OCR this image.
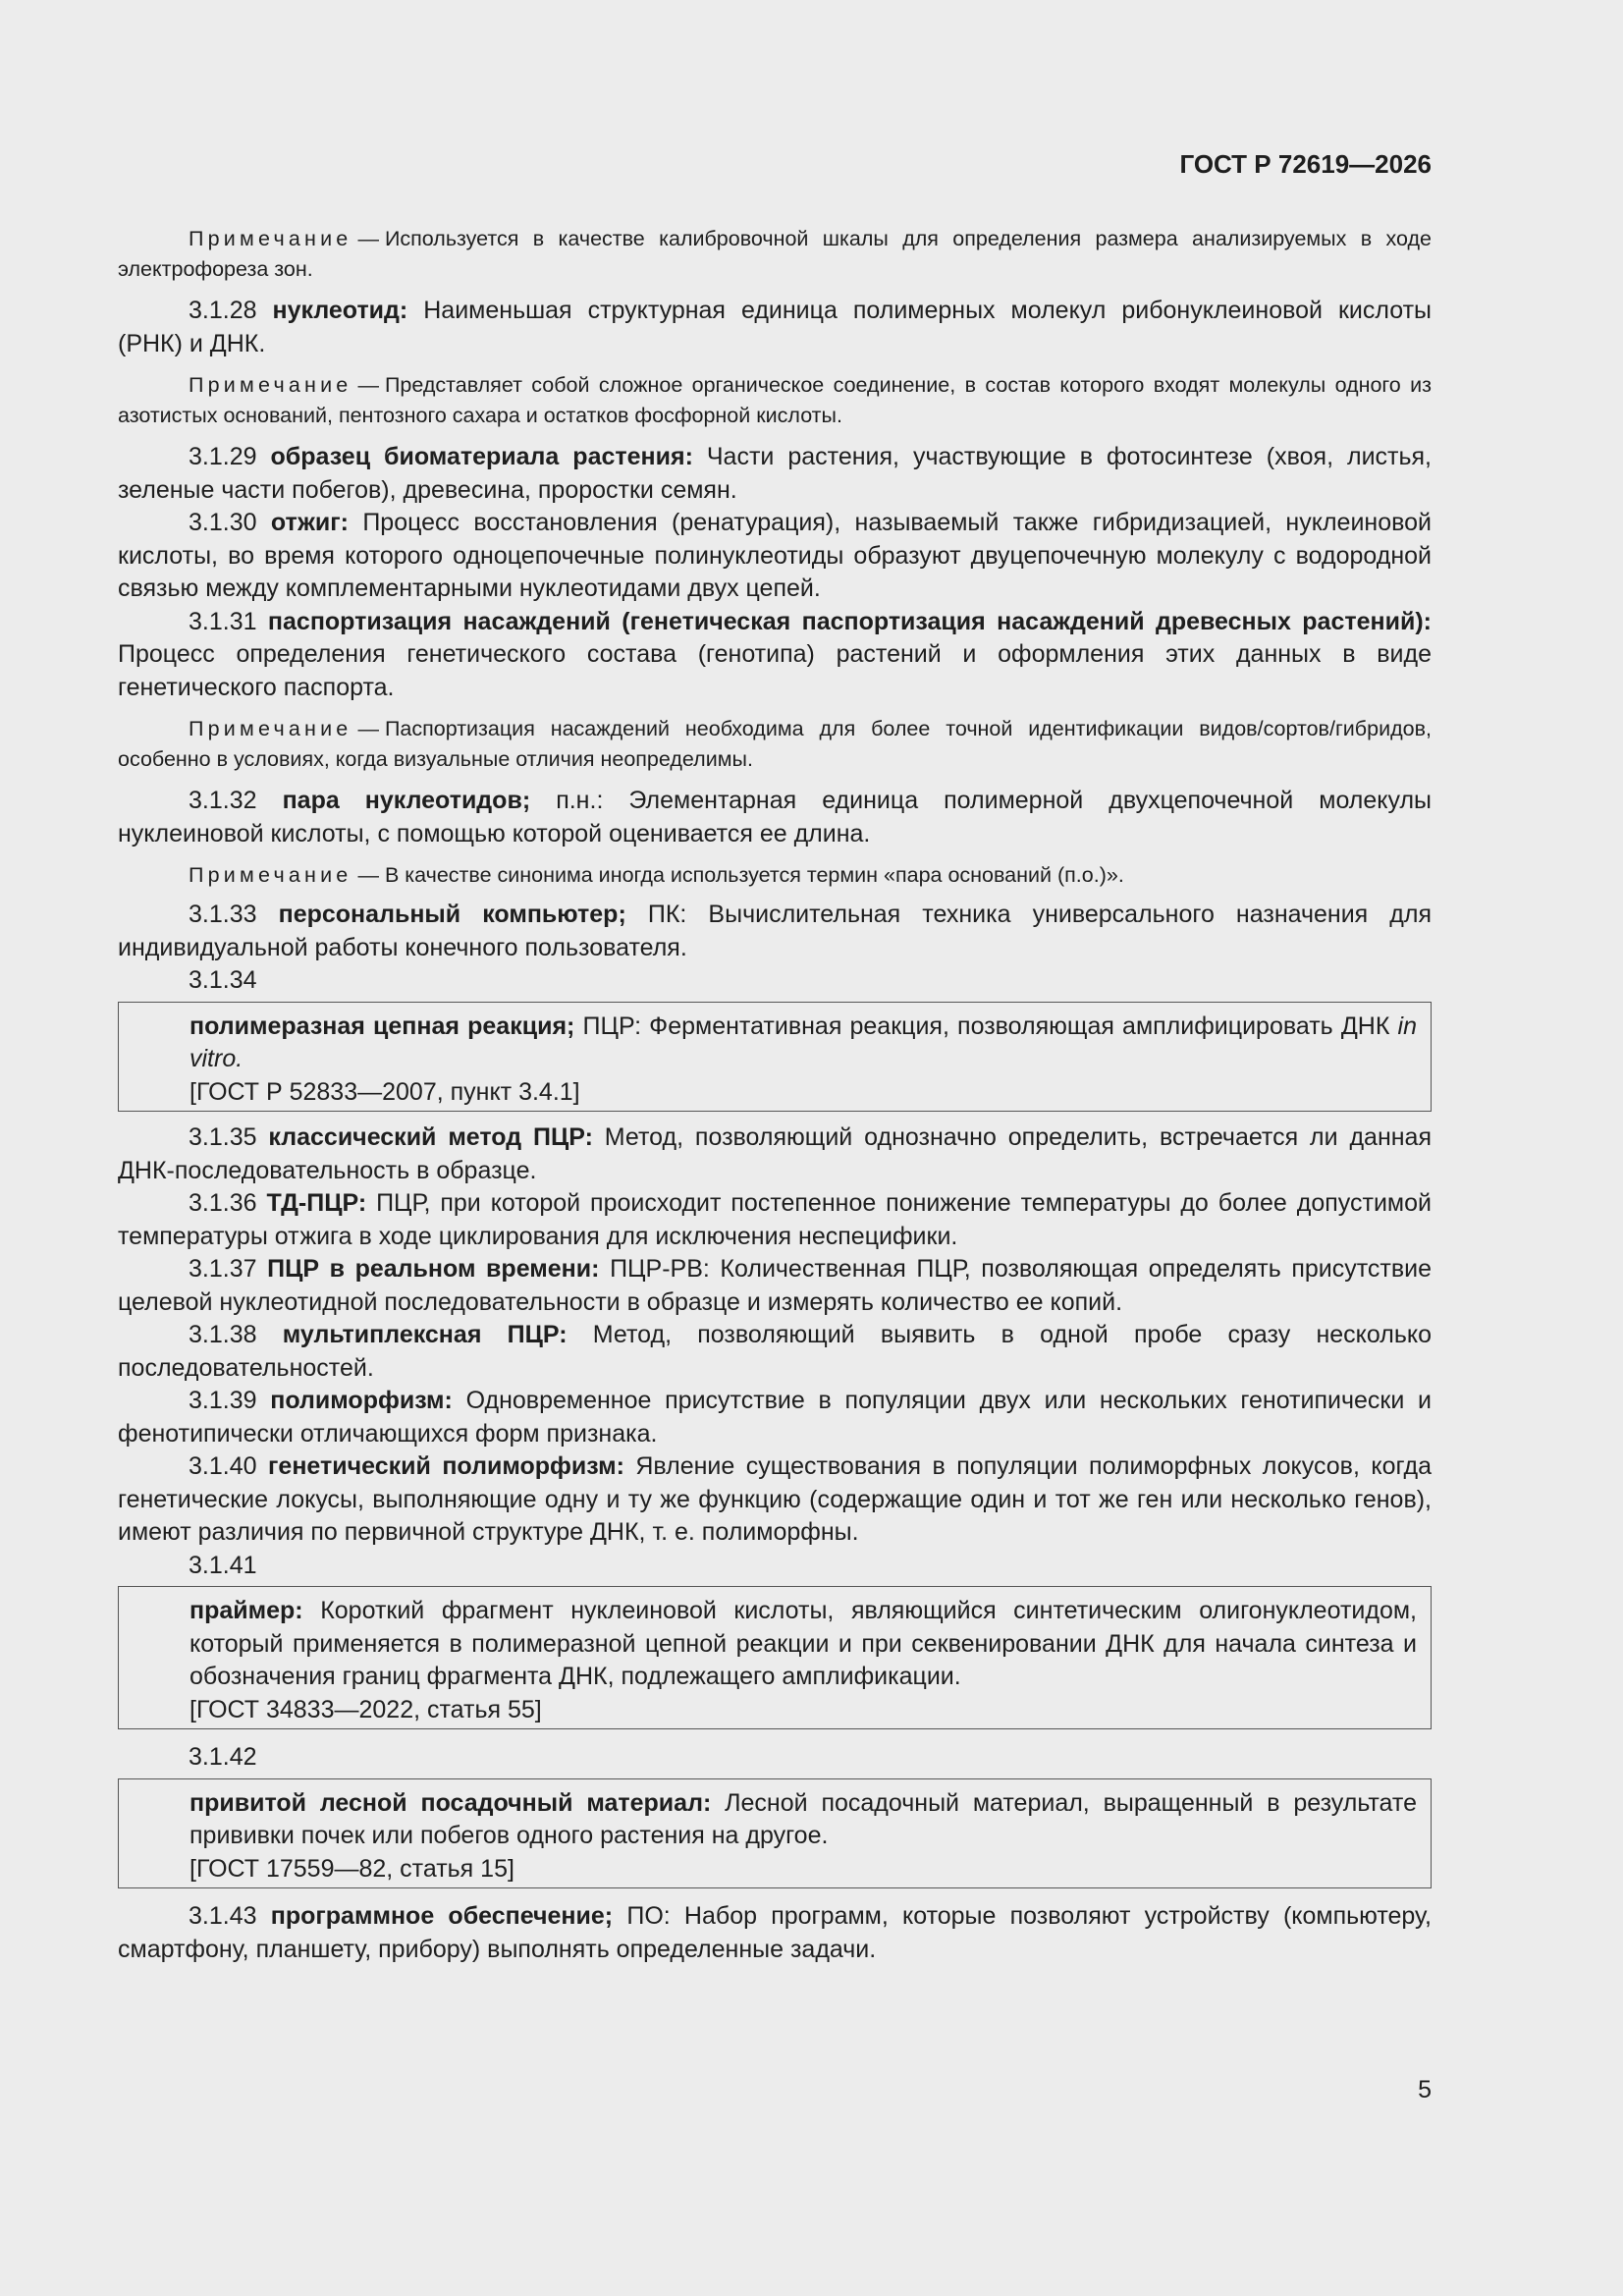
ГОСТ Р 72619—2026

Примечание — Используется в качестве калибровочной шкалы для определения размера анализируемых в ходе электрофореза зон.

3.1.28 нуклеотид: Наименьшая структурная единица полимерных молекул рибонуклеиновой кислоты (РНК) и ДНК.

Примечание — Представляет собой сложное органическое соединение, в состав которого входят молекулы одного из азотистых оснований, пентозного сахара и остатков фосфорной кислоты.

3.1.29 образец биоматериала растения: Части растения, участвующие в фотосинтезе (хвоя, листья, зеленые части побегов), древесина, проростки семян.

3.1.30 отжиг: Процесс восстановления (ренатурация), называемый также гибридизацией, нуклеиновой кислоты, во время которого одноцепочечные полинуклеотиды образуют двуцепочечную молекулу с водородной связью между комплементарными нуклеотидами двух цепей.

3.1.31 паспортизация насаждений (генетическая паспортизация насаждений древесных растений): Процесс определения генетического состава (генотипа) растений и оформления этих данных в виде генетического паспорта.

Примечание — Паспортизация насаждений необходима для более точной идентификации видов/сортов/гибридов, особенно в условиях, когда визуальные отличия неопределимы.

3.1.32 пара нуклеотидов; п.н.: Элементарная единица полимерной двухцепочечной молекулы нуклеиновой кислоты, с помощью которой оценивается ее длина.

Примечание — В качестве синонима иногда используется термин «пара оснований (п.о.)».

3.1.33 персональный компьютер; ПК: Вычислительная техника универсального назначения для индивидуальной работы конечного пользователя.

3.1.34

полимеразная цепная реакция; ПЦР: Ферментативная реакция, позволяющая амплифицировать ДНК in vitro.

[ГОСТ Р 52833—2007, пункт 3.4.1]

3.1.35 классический метод ПЦР: Метод, позволяющий однозначно определить, встречается ли данная ДНК-последовательность в образце.

3.1.36 ТД-ПЦР: ПЦР, при которой происходит постепенное понижение температуры до более допустимой температуры отжига в ходе циклирования для исключения неспецифики.

3.1.37 ПЦР в реальном времени: ПЦР-РВ: Количественная ПЦР, позволяющая определять присутствие целевой нуклеотидной последовательности в образце и измерять количество ее копий.

3.1.38 мультиплексная ПЦР: Метод, позволяющий выявить в одной пробе сразу несколько последовательностей.

3.1.39 полиморфизм: Одновременное присутствие в популяции двух или нескольких генотипически и фенотипически отличающихся форм признака.

3.1.40 генетический полиморфизм: Явление существования в популяции полиморфных локусов, когда генетические локусы, выполняющие одну и ту же функцию (содержащие один и тот же ген или несколько генов), имеют различия по первичной структуре ДНК, т. е. полиморфны.

3.1.41

праймер: Короткий фрагмент нуклеиновой кислоты, являющийся синтетическим олигонуклеотидом, который применяется в полимеразной цепной реакции и при секвенировании ДНК для начала синтеза и обозначения границ фрагмента ДНК, подлежащего амплификации.

[ГОСТ 34833—2022, статья 55]

3.1.42

привитой лесной посадочный материал: Лесной посадочный материал, выращенный в результате прививки почек или побегов одного растения на другое.

[ГОСТ 17559—82, статья 15]

3.1.43 программное обеспечение; ПО: Набор программ, которые позволяют устройству (компьютеру, смартфону, планшету, прибору) выполнять определенные задачи.

5
